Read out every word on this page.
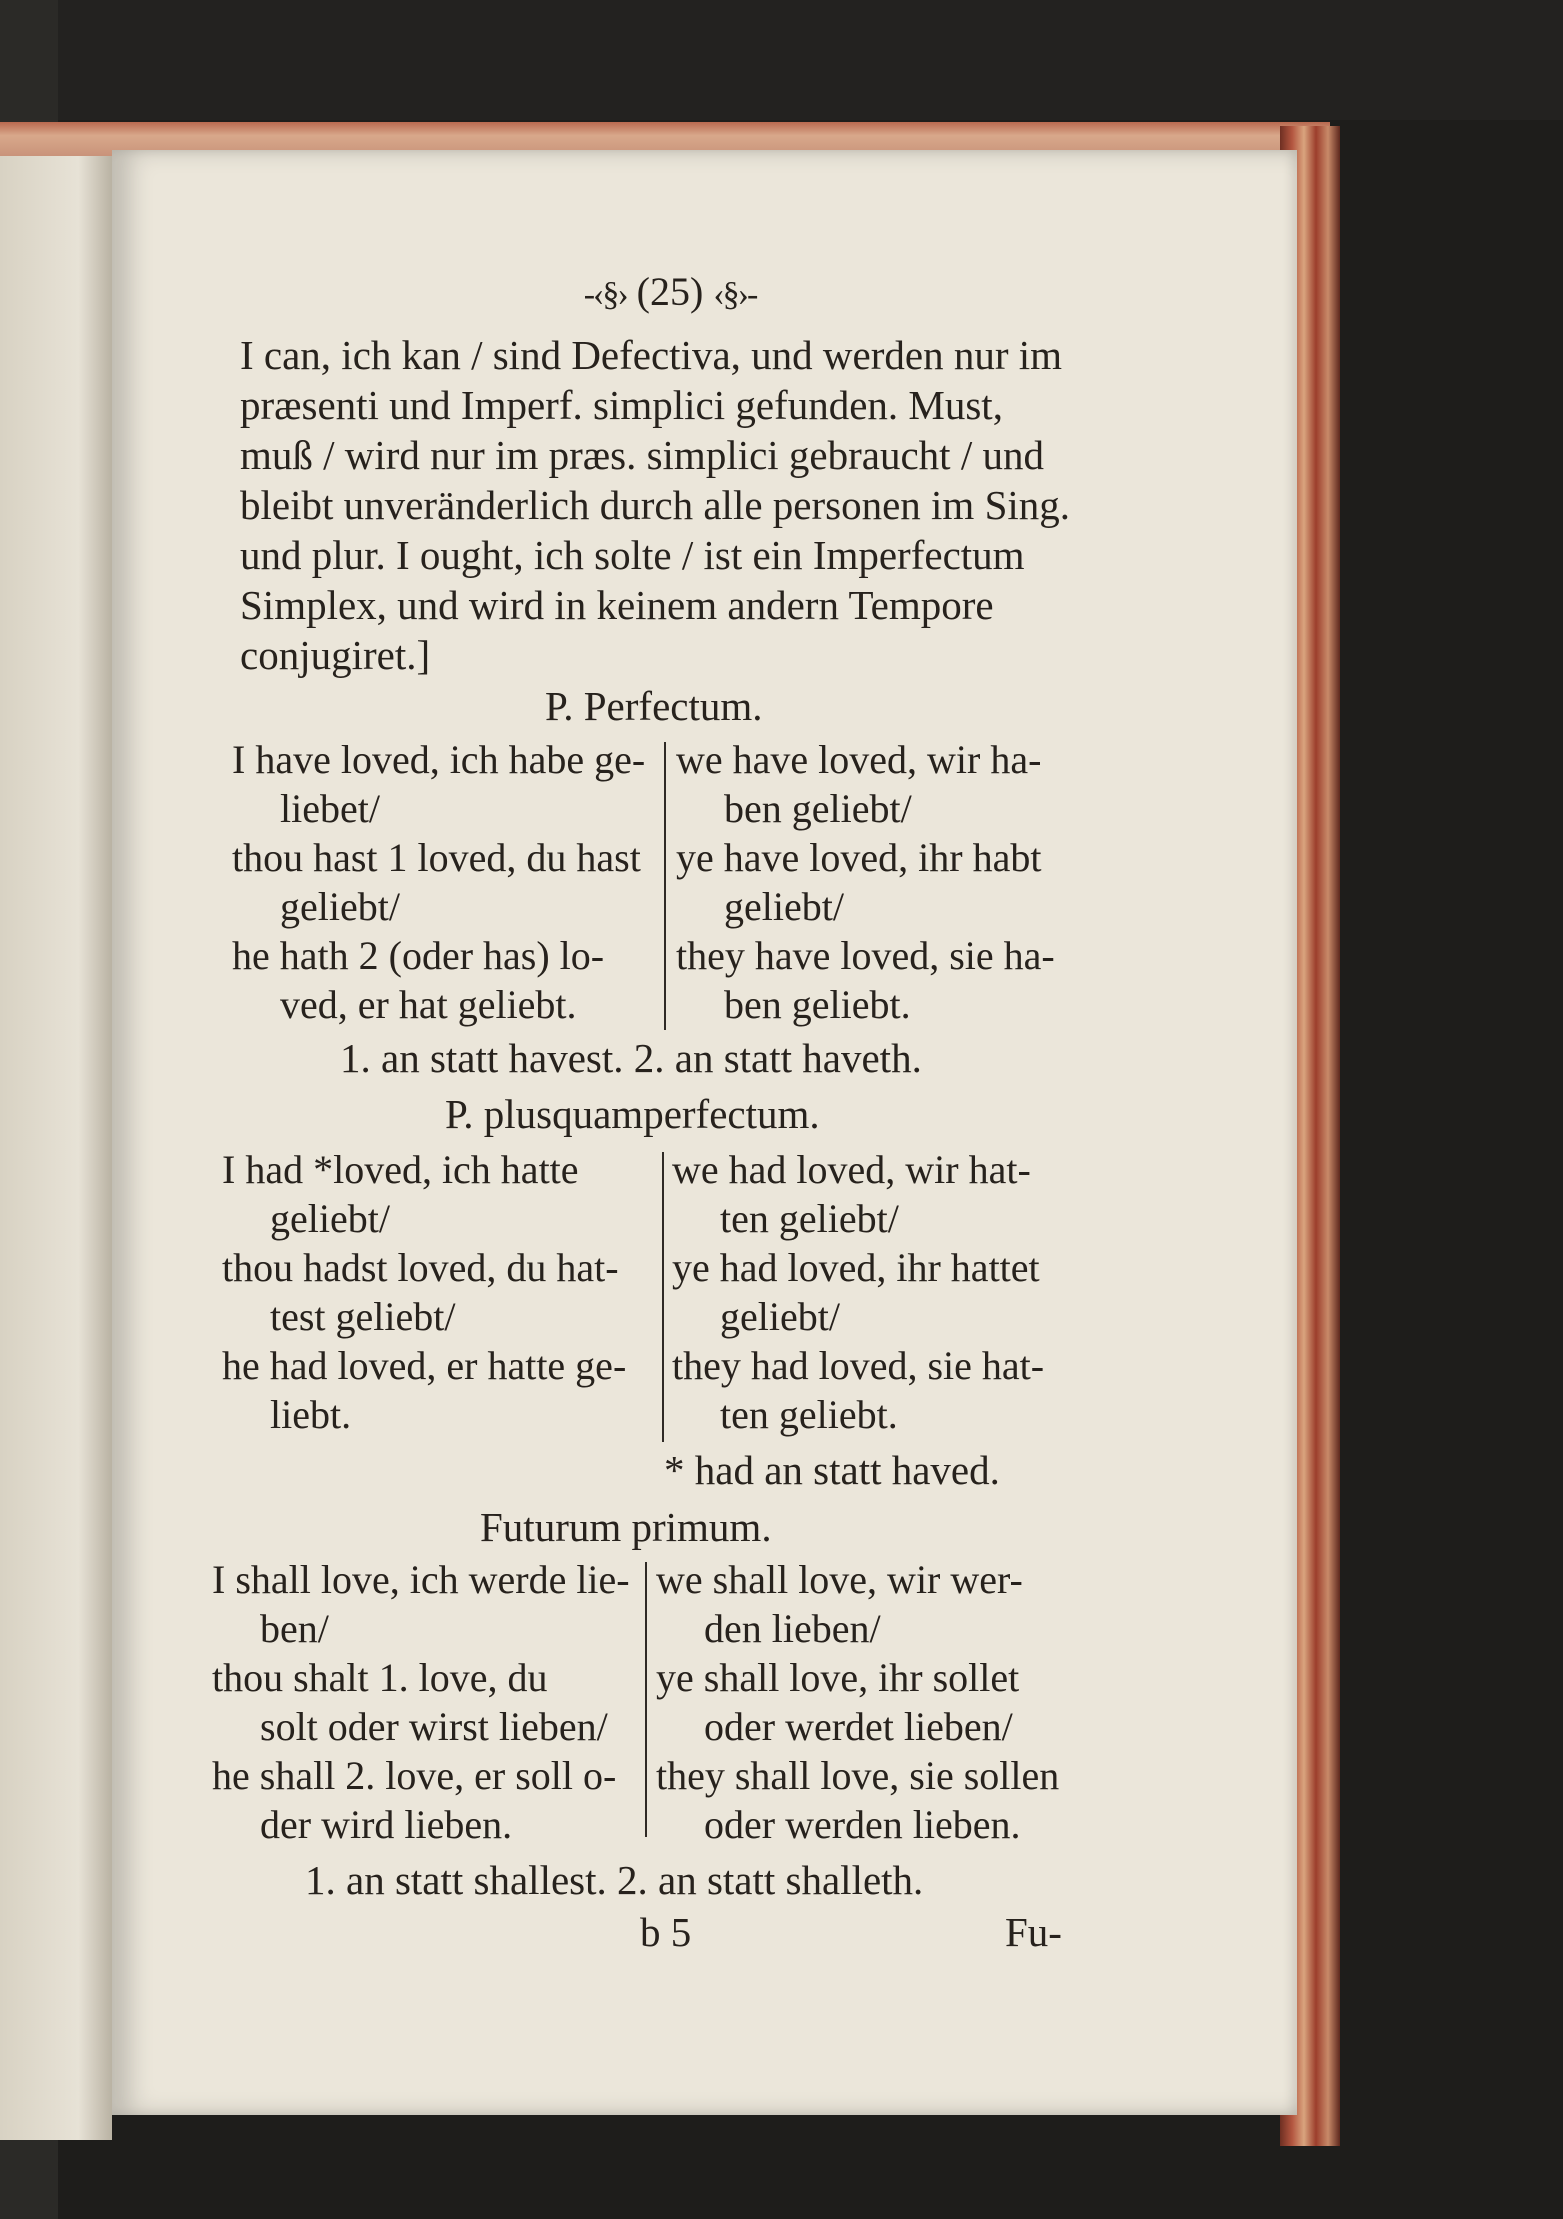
-‹§› (25) ‹§›-
I can, ich kan / sind Defectiva, und werden nur im
præsenti und Imperf. simplici gefunden. Must,
muß / wird nur im præs. simplici gebraucht / und
bleibt unveränderlich durch alle personen im Sing.
und plur. I ought, ich solte / ist ein Imperfectum
Simplex, und wird in keinem andern Tempore
conjugiret.]
P. Perfectum.
I have loved, ich habe ge-
liebet/
thou hast 1 loved, du hast
geliebt/
he hath 2 (oder has) lo-
ved, er hat geliebt.
we have loved, wir ha-
ben geliebt/
ye have loved, ihr habt
geliebt/
they have loved, sie ha-
ben geliebt.
1. an statt havest. 2. an statt haveth.
P. plusquamperfectum.
I had *loved, ich hatte
geliebt/
thou hadst loved, du hat-
test geliebt/
he had loved, er hatte ge-
liebt.
we had loved, wir hat-
ten geliebt/
ye had loved, ihr hattet
geliebt/
they had loved, sie hat-
ten geliebt.
* had an statt haved.
Futurum primum.
I shall love, ich werde lie-
ben/
thou shalt 1. love, du
solt oder wirst lieben/
he shall 2. love, er soll o-
der wird lieben.
we shall love, wir wer-
den lieben/
ye shall love, ihr sollet
oder werdet lieben/
they shall love, sie sollen
oder werden lieben.
1. an statt shallest. 2. an statt shalleth.
b 5	Fu-
